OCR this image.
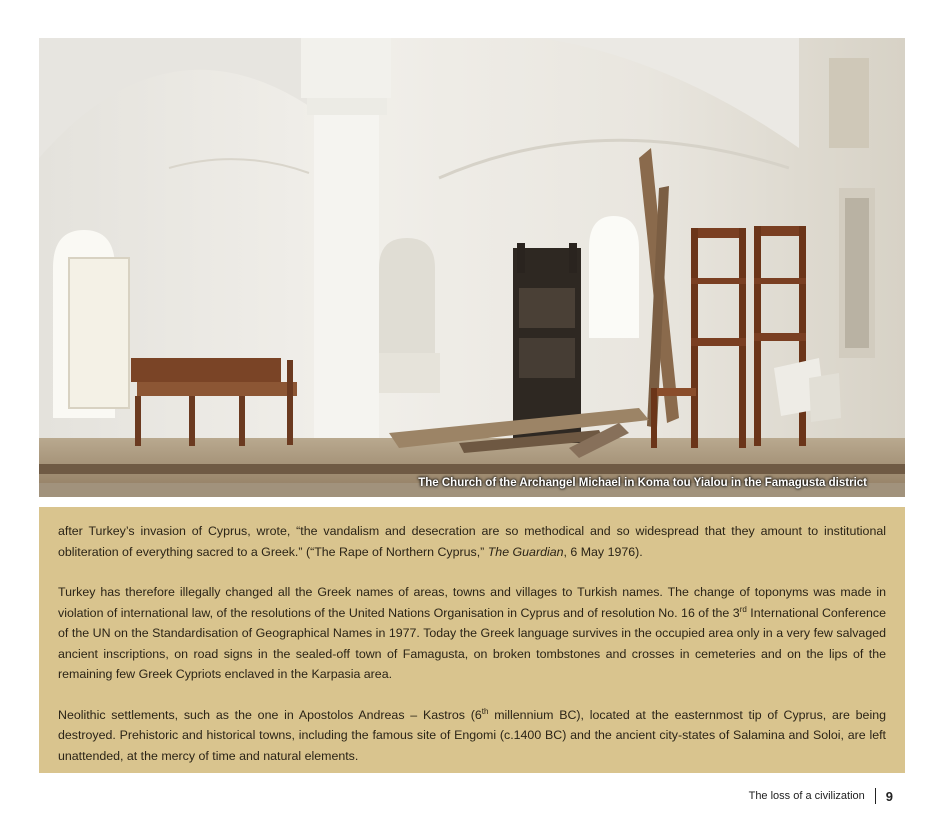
The Church of the Archangel Michael in Koma tou Yialou in the Famagusta district

after Turkey’s invasion of Cyprus, wrote, “the vandalism and desecration are so methodical and so widespread that they amount to institutional obliteration of everything sacred to a Greek.” (“The Rape of Northern Cyprus,” The Guardian, 6 May 1976).

Turkey has therefore illegally changed all the Greek names of areas, towns and villages to Turkish names. The change of toponyms was made in violation of international law, of the resolutions of the United Nations Organisation in Cyprus and of resolution No. 16 of the 3rd International Conference of the UN on the Standardisation of Geographical Names in 1977. Today the Greek language survives in the occupied area only in a very few salvaged ancient inscriptions, on road signs in the sealed-off town of Famagusta, on broken tombstones and crosses in cemeteries and on the lips of the remaining few Greek Cypriots enclaved in the Karpasia area.

Neolithic settlements, such as the one in Apostolos Andreas – Kastros (6th millennium BC), located at the easternmost tip of Cyprus, are being destroyed. Prehistoric and historical towns, including the famous site of Engomi (c.1400 BC) and the ancient city-states of Salamina and Soloi, are left unattended, at the mercy of time and natural elements.

The loss of a civilization 9
